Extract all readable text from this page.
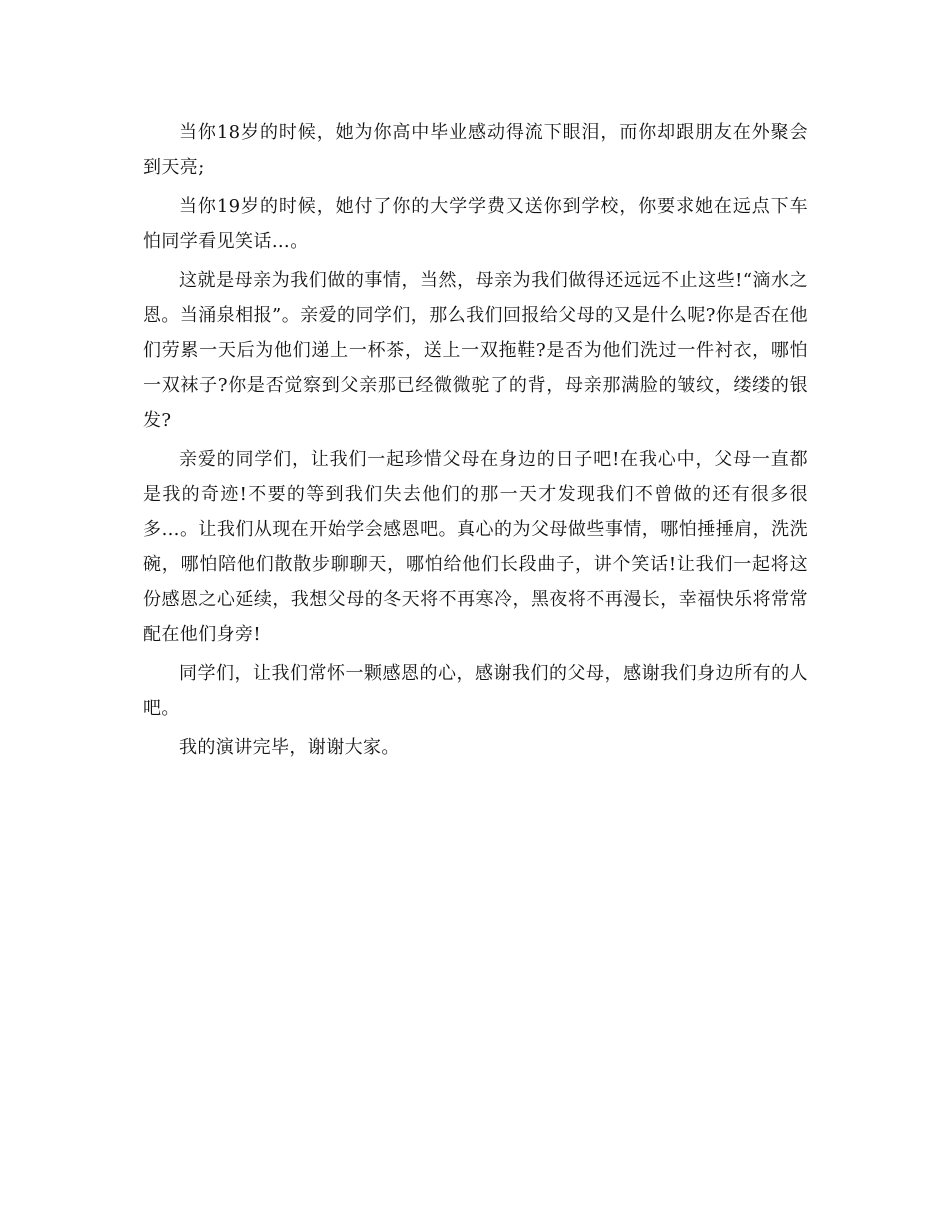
当你18岁的时候，她为你高中毕业感动得流下眼泪，而你却跟朋友在外聚会到天亮;

当你19岁的时候，她付了你的大学学费又送你到学校，你要求她在远点下车怕同学看见笑话…。

这就是母亲为我们做的事情，当然，母亲为我们做得还远远不止这些!“滴水之恩。当涌泉相报”。亲爱的同学们，那么我们回报给父母的又是什么呢?你是否在他们劳累一天后为他们递上一杯茶，送上一双拖鞋?是否为他们洗过一件衬衣，哪怕一双袜子?你是否觉察到父亲那已经微微驼了的背，母亲那满脸的皱纹，缕缕的银发?

亲爱的同学们，让我们一起珍惜父母在身边的日子吧!在我心中，父母一直都是我的奇迹!不要的等到我们失去他们的那一天才发现我们不曾做的还有很多很多…。让我们从现在开始学会感恩吧。真心的为父母做些事情，哪怕捶捶肩，洗洗碗，哪怕陪他们散散步聊聊天，哪怕给他们长段曲子，讲个笑话!让我们一起将这份感恩之心延续，我想父母的冬天将不再寒冷，黑夜将不再漫长，幸福快乐将常常配在他们身旁!

同学们，让我们常怀一颗感恩的心，感谢我们的父母，感谢我们身边所有的人吧。

我的演讲完毕，谢谢大家。
